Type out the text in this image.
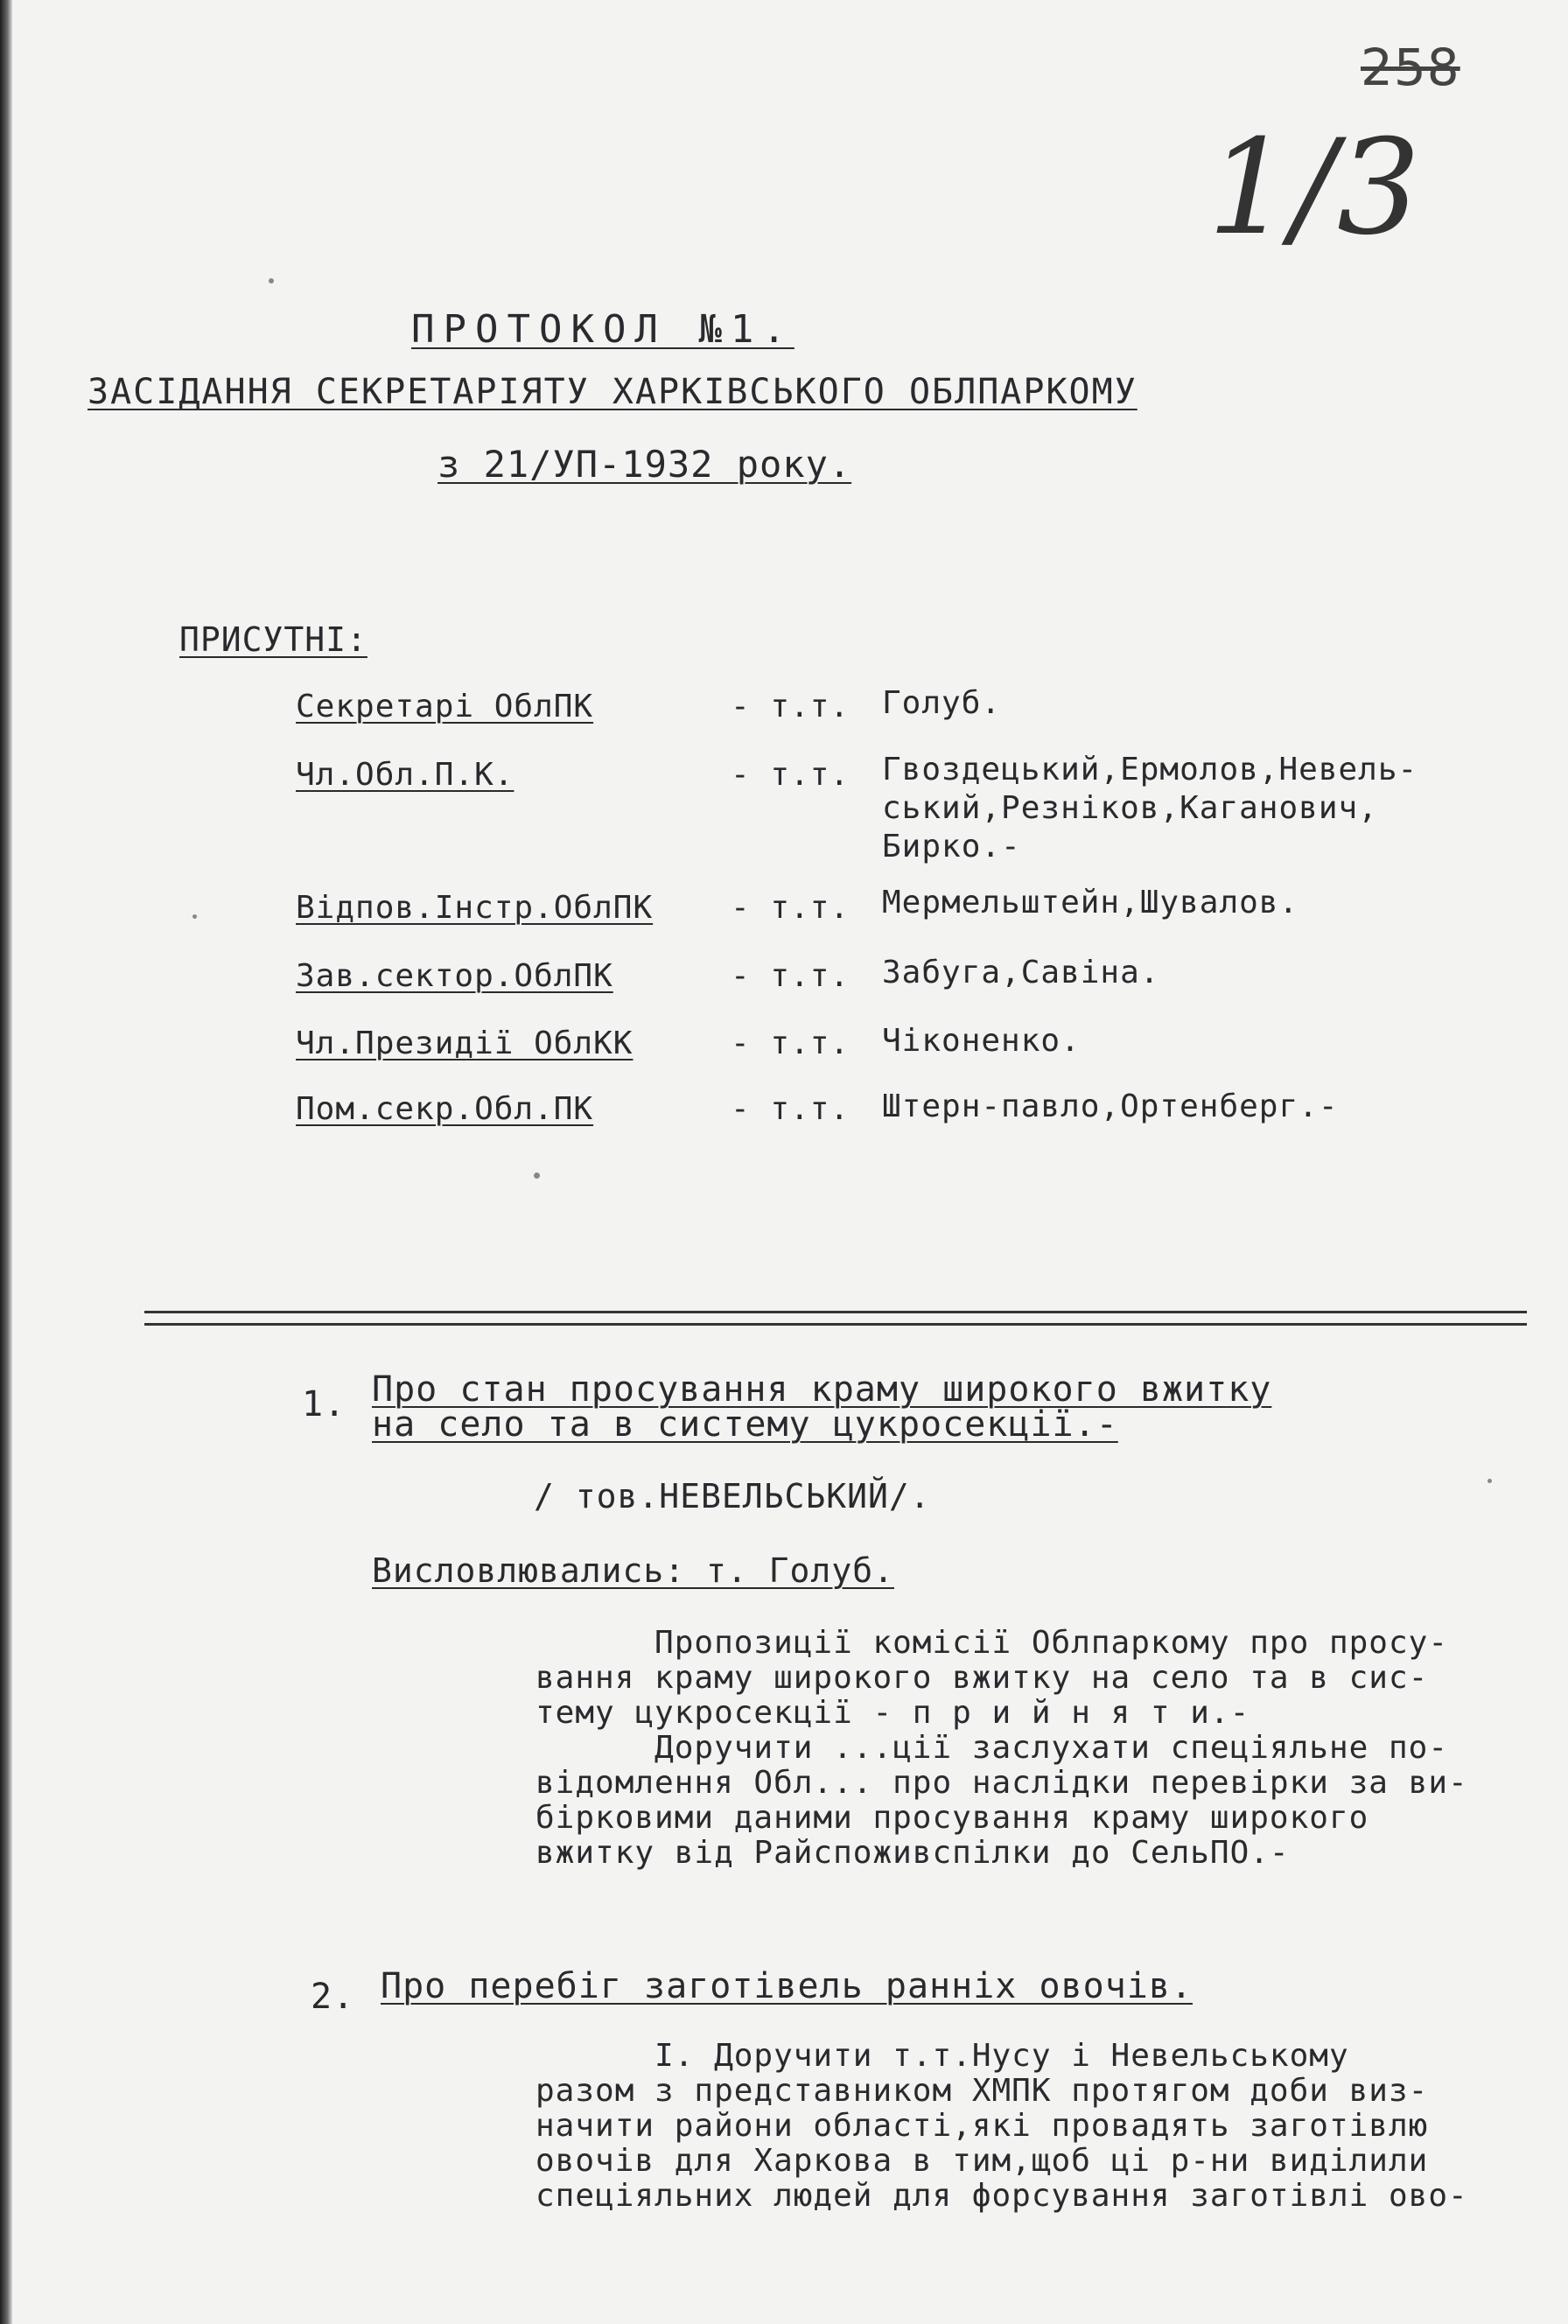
258
1/3
ПРОТОКОЛ №1.
ЗАСІДАННЯ СЕКРЕТАРІЯТУ ХАРКІВСЬКОГО ОБЛПАРКОМУ
з 21/УП-1932 року.
ПРИСУТНІ:
Секретарі ОблПК	- т.т. Голуб.
Чл.Обл.П.К.	- т.т. Гвоздецький,Ермолов,Невель-
ський,Резніков,Каганович,
Бирко.-
Відпов.Інстр.ОблПК - т.т. Мермельштейн,Шувалов.
Зав.сектор.ОблПК	- т.т. Забуга,Савіна.
Чл.Президії ОблКК	- т.т. Чіконенко.
Пом.секр.Обл.ПК	- т.т. Штерн-павло,Ортенберг.-
1. Про стан просування краму широкого вжитку
на село та в систему цукросекції.-
/ тов.НЕВЕЛЬСЬКИЙ/.
Висловлювались: т. Голуб.
Пропозиції комісії Облпаркому про просу-
вання краму широкого вжитку на село та в сис-
тему цукросекції - п р и й н я т и.-
Доручити ...ції заслухати спеціяльне по-
відомлення Обл... про наслідки перевірки за ви-
бірковими даними просування краму широкого
вжитку від Райспоживспілки до СельПО.-
2. Про перебіг заготівель ранніх овочів.
I. Доручити т.т.Нусу і Невельському
разом з представником ХМПК протягом доби виз-
начити райони області,які провадять заготівлю
овочів для Харкова в тим,щоб ці р-ни виділили
спеціяльних людей для форсування заготівлі ово-
